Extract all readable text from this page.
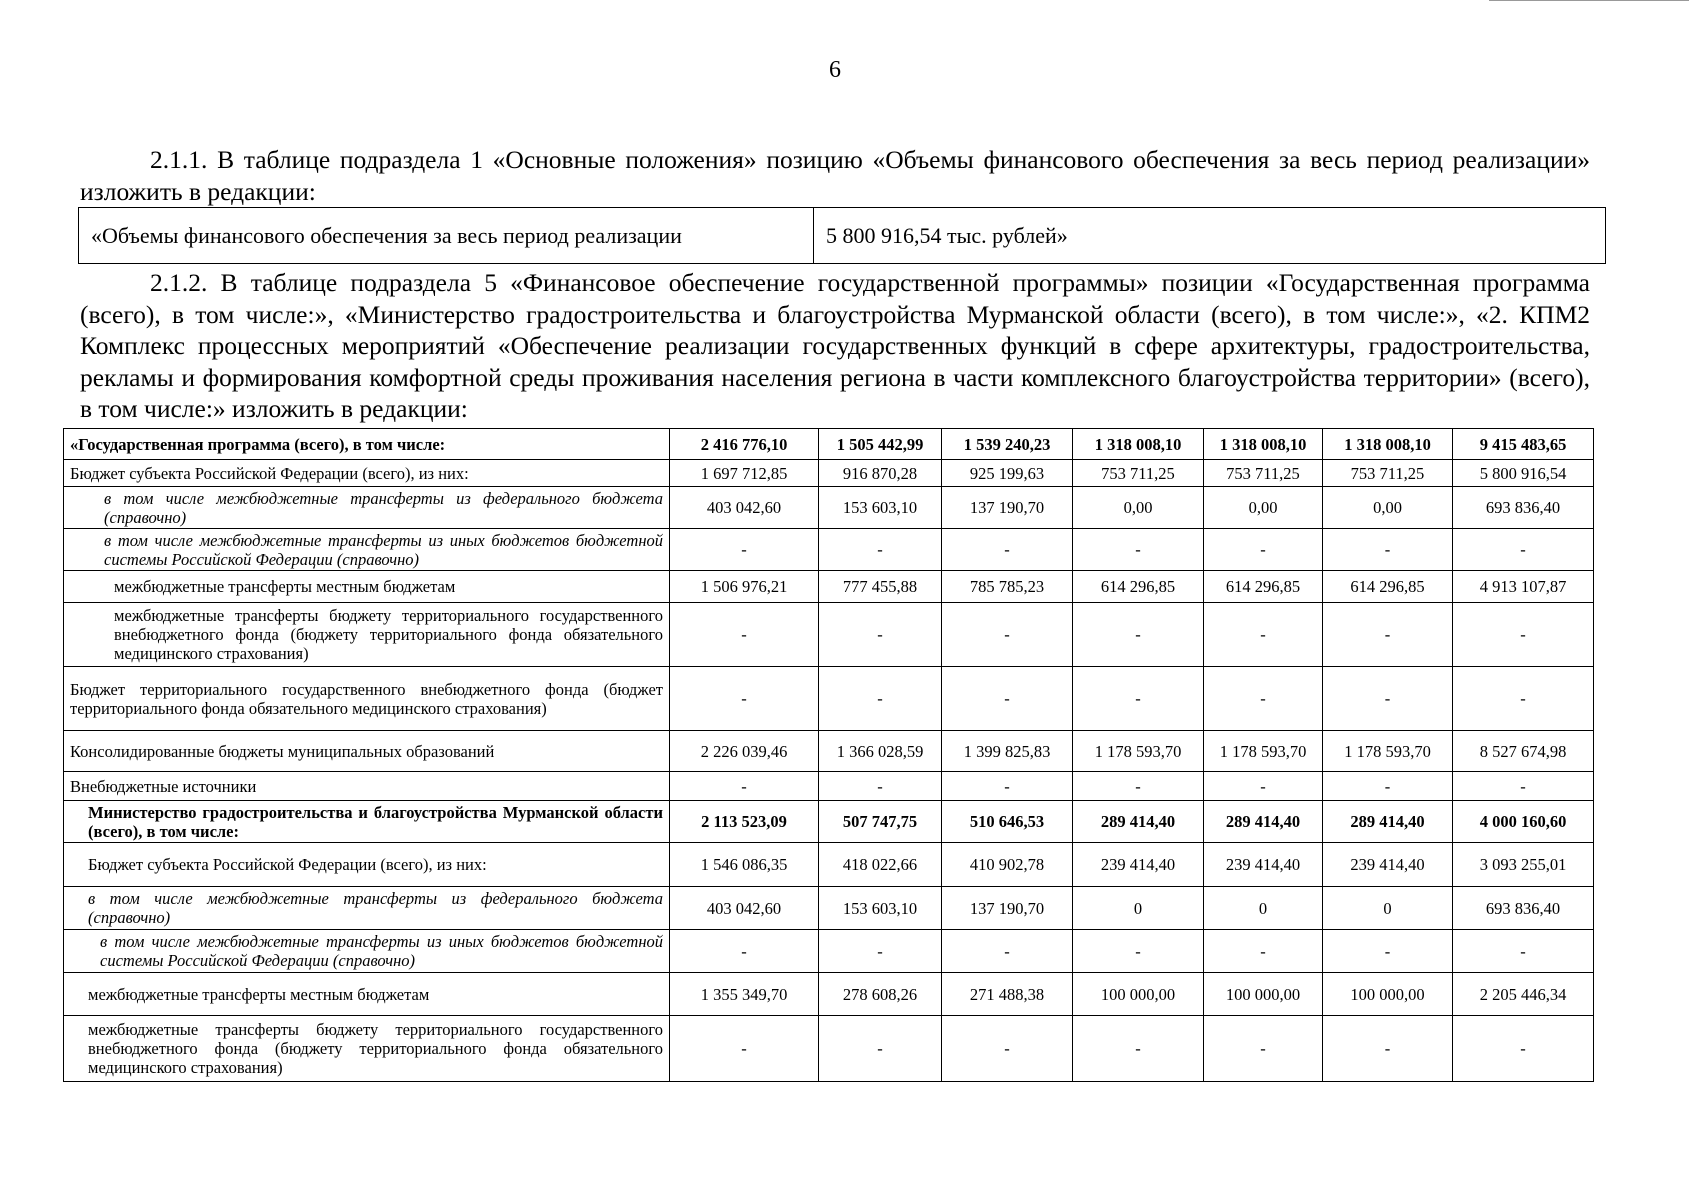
6

2.1.1. В таблице подраздела 1 «Основные положения» позицию «Объемы финансового обеспечения за весь период реализации» изложить в редакции:

«Объемы финансового обеспечения за весь период реализации	5 800 916,54 тыс. рублей»

2.1.2. В таблице подраздела 5 «Финансовое обеспечение государственной программы» позиции «Государственная программа (всего), в том числе:», «Министерство градостроительства и благоустройства Мурманской области (всего), в том числе:», «2. КПМ2 Комплекс процессных мероприятий «Обеспечение реализации государственных функций в сфере архитектуры, градостроительства, рекламы и формирования комфортной среды проживания населения региона в части комплексного благоустройства территории» (всего), в том числе:» изложить в редакции:

«Государственная программа (всего), в том числе:	2 416 776,10	1 505 442,99	1 539 240,23	1 318 008,10	1 318 008,10	1 318 008,10	9 415 483,65
Бюджет субъекта Российской Федерации (всего), из них:	1 697 712,85	916 870,28	925 199,63	753 711,25	753 711,25	753 711,25	5 800 916,54
в том числе межбюджетные трансферты из федерального бюджета (справочно)	403 042,60	153 603,10	137 190,70	0,00	0,00	0,00	693 836,40
в том числе межбюджетные трансферты из иных бюджетов бюджетной системы Российской Федерации (справочно)	-	-	-	-	-	-	-
межбюджетные трансферты местным бюджетам	1 506 976,21	777 455,88	785 785,23	614 296,85	614 296,85	614 296,85	4 913 107,87
межбюджетные трансферты бюджету территориального государственного внебюджетного фонда (бюджету территориального фонда обязательного медицинского страхования)	-	-	-	-	-	-	-
Бюджет территориального государственного внебюджетного фонда (бюджет территориального фонда обязательного медицинского страхования)	-	-	-	-	-	-	-
Консолидированные бюджеты муниципальных образований	2 226 039,46	1 366 028,59	1 399 825,83	1 178 593,70	1 178 593,70	1 178 593,70	8 527 674,98
Внебюджетные источники	-	-	-	-	-	-	-
Министерство градостроительства и благоустройства Мурманской области (всего), в том числе:	2 113 523,09	507 747,75	510 646,53	289 414,40	289 414,40	289 414,40	4 000 160,60
Бюджет субъекта Российской Федерации (всего), из них:	1 546 086,35	418 022,66	410 902,78	239 414,40	239 414,40	239 414,40	3 093 255,01
в том числе межбюджетные трансферты из федерального бюджета (справочно)	403 042,60	153 603,10	137 190,70	0	0	0	693 836,40
в том числе межбюджетные трансферты из иных бюджетов бюджетной системы Российской Федерации (справочно)	-	-	-	-	-	-	-
межбюджетные трансферты местным бюджетам	1 355 349,70	278 608,26	271 488,38	100 000,00	100 000,00	100 000,00	2 205 446,34
межбюджетные трансферты бюджету территориального государственного внебюджетного фонда (бюджету территориального фонда обязательного медицинского страхования)	-	-	-	-	-	-	-
